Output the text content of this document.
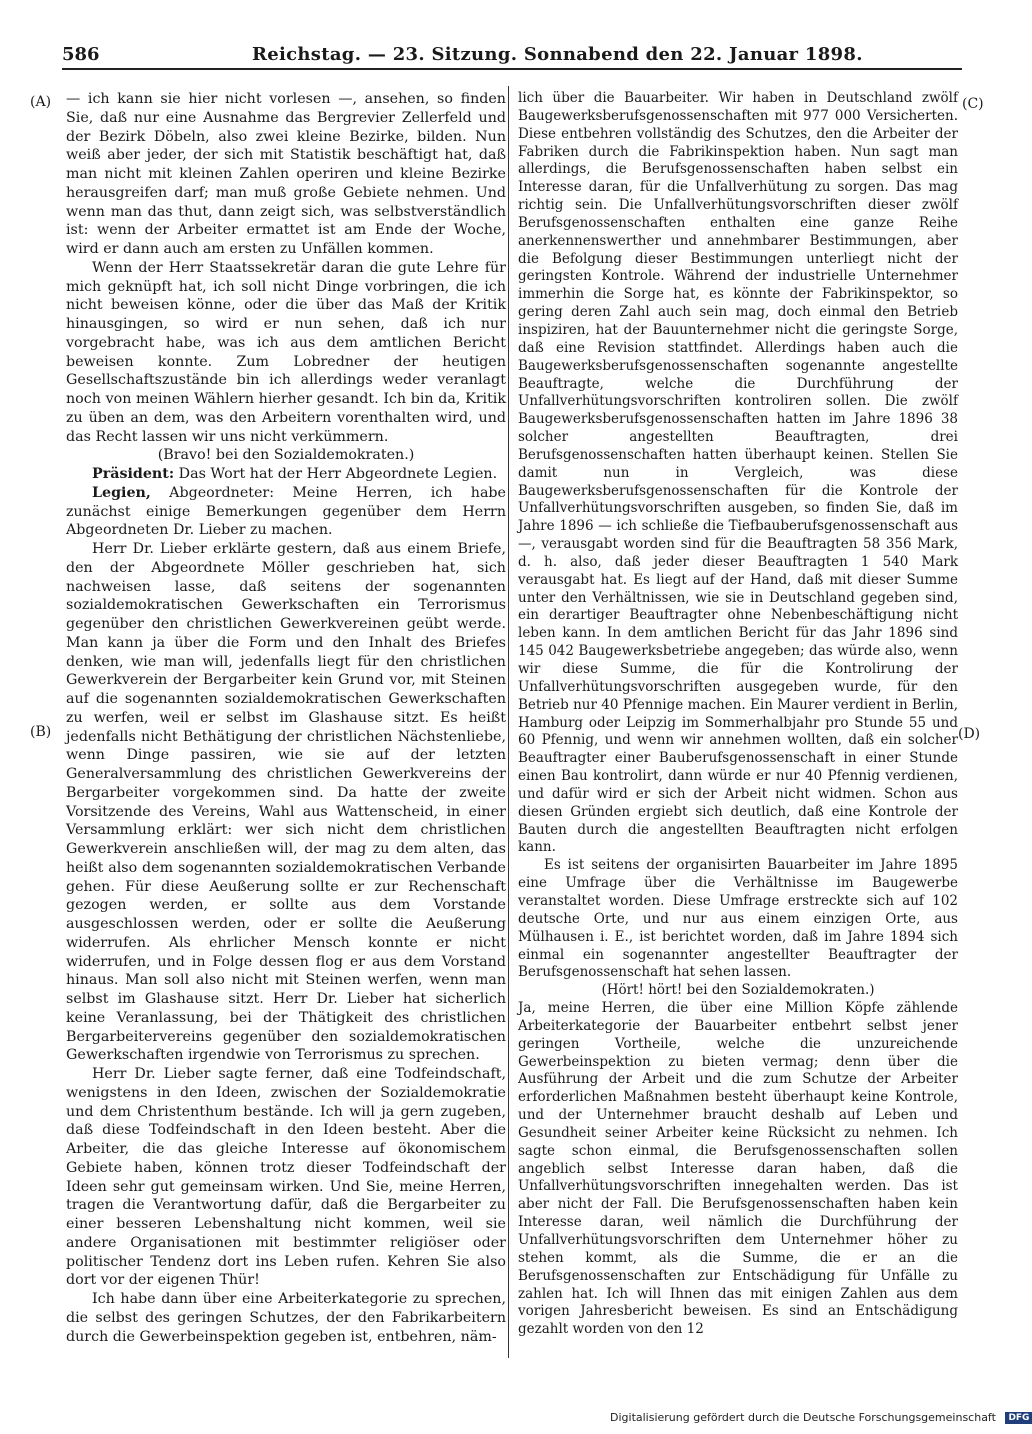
586	Reichstag. — 23. Sitzung. Sonnabend den 22. Januar 1898.
(A)
(B)
(C)
(D)

— ich kann sie hier nicht vorlesen —, ansehen, so finden Sie, daß nur eine Ausnahme das Bergrevier Zellerfeld und der Bezirk Döbeln, also zwei kleine Bezirke, bilden. Nun weiß aber jeder, der sich mit Statistik beschäftigt hat, daß man nicht mit kleinen Zahlen operiren und kleine Bezirke herausgreifen darf; man muß große Gebiete nehmen. Und wenn man das thut, dann zeigt sich, was selbstverständlich ist: wenn der Arbeiter ermattet ist am Ende der Woche, wird er dann auch am ersten zu Unfällen kommen.

Wenn der Herr Staatssekretär daran die gute Lehre für mich geknüpft hat, ich soll nicht Dinge vorbringen, die ich nicht beweisen könne, oder die über das Maß der Kritik hinausgingen, so wird er nun sehen, daß ich nur vorgebracht habe, was ich aus dem amtlichen Bericht beweisen konnte. Zum Lobredner der heutigen Gesellschaftszustände bin ich allerdings weder veranlagt noch von meinen Wählern hierher gesandt. Ich bin da, Kritik zu üben an dem, was den Arbeitern vorenthalten wird, und das Recht lassen wir uns nicht verkümmern.

(Bravo! bei den Sozialdemokraten.)

Präsident: Das Wort hat der Herr Abgeordnete Legien.

Legien, Abgeordneter: Meine Herren, ich habe zunächst einige Bemerkungen gegenüber dem Herrn Abgeordneten Dr. Lieber zu machen.

Herr Dr. Lieber erklärte gestern, daß aus einem Briefe, den der Abgeordnete Möller geschrieben hat, sich nachweisen lasse, daß seitens der sogenannten sozialdemokratischen Gewerkschaften ein Terrorismus gegenüber den christlichen Gewerkvereinen geübt werde. Man kann ja über die Form und den Inhalt des Briefes denken, wie man will, jedenfalls liegt für den christlichen Gewerkverein der Bergarbeiter kein Grund vor, mit Steinen auf die sogenannten sozialdemokratischen Gewerkschaften zu werfen, weil er selbst im Glashause sitzt. Es heißt jedenfalls nicht Bethätigung der christlichen Nächstenliebe, wenn Dinge passiren, wie sie auf der letzten Generalversammlung des christlichen Gewerkvereins der Bergarbeiter vorgekommen sind. Da hatte der zweite Vorsitzende des Vereins, Wahl aus Wattenscheid, in einer Versammlung erklärt: wer sich nicht dem christlichen Gewerkverein anschließen will, der mag zu dem alten, das heißt also dem sogenannten sozialdemokratischen Verbande gehen. Für diese Aeußerung sollte er zur Rechenschaft gezogen werden, er sollte aus dem Vorstande ausgeschlossen werden, oder er sollte die Aeußerung widerrufen. Als ehrlicher Mensch konnte er nicht widerrufen, und in Folge dessen flog er aus dem Vorstand hinaus. Man soll also nicht mit Steinen werfen, wenn man selbst im Glashause sitzt. Herr Dr. Lieber hat sicherlich keine Veranlassung, bei der Thätigkeit des christlichen Bergarbeitervereins gegenüber den sozialdemokratischen Gewerkschaften irgendwie von Terrorismus zu sprechen.

Herr Dr. Lieber sagte ferner, daß eine Todfeindschaft, wenigstens in den Ideen, zwischen der Sozialdemokratie und dem Christenthum bestände. Ich will ja gern zugeben, daß diese Todfeindschaft in den Ideen besteht. Aber die Arbeiter, die das gleiche Interesse auf ökonomischem Gebiete haben, können trotz dieser Todfeindschaft der Ideen sehr gut gemeinsam wirken. Und Sie, meine Herren, tragen die Verantwortung dafür, daß die Bergarbeiter zu einer besseren Lebenshaltung nicht kommen, weil sie andere Organisationen mit bestimmter religiöser oder politischer Tendenz dort ins Leben rufen. Kehren Sie also dort vor der eigenen Thür!

Ich habe dann über eine Arbeiterkategorie zu sprechen, die selbst des geringen Schutzes, der den Fabrikarbeitern durch die Gewerbeinspektion gegeben ist, entbehren, näm-

lich über die Bauarbeiter. Wir haben in Deutschland zwölf Baugewerksberufsgenossenschaften mit 977 000 Versicherten. Diese entbehren vollständig des Schutzes, den die Arbeiter der Fabriken durch die Fabrikinspektion haben. Nun sagt man allerdings, die Berufsgenossenschaften haben selbst ein Interesse daran, für die Unfallverhütung zu sorgen. Das mag richtig sein. Die Unfallverhütungsvorschriften dieser zwölf Berufsgenossenschaften enthalten eine ganze Reihe anerkennenswerther und annehmbarer Bestimmungen, aber die Befolgung dieser Bestimmungen unterliegt nicht der geringsten Kontrole. Während der industrielle Unternehmer immerhin die Sorge hat, es könnte der Fabrikinspektor, so gering deren Zahl auch sein mag, doch einmal den Betrieb inspiziren, hat der Bauunternehmer nicht die geringste Sorge, daß eine Revision stattfindet. Allerdings haben auch die Baugewerksberufsgenossenschaften sogenannte angestellte Beauftragte, welche die Durchführung der Unfallverhütungsvorschriften kontroliren sollen. Die zwölf Baugewerksberufsgenossenschaften hatten im Jahre 1896 38 solcher angestellten Beauftragten, drei Berufsgenossenschaften hatten überhaupt keinen. Stellen Sie damit nun in Vergleich, was diese Baugewerksberufsgenossenschaften für die Kontrole der Unfallverhütungsvorschriften ausgeben, so finden Sie, daß im Jahre 1896 — ich schließe die Tiefbauberufsgenossenschaft aus —, verausgabt worden sind für die Beauftragten 58 356 Mark, d. h. also, daß jeder dieser Beauftragten 1 540 Mark verausgabt hat. Es liegt auf der Hand, daß mit dieser Summe unter den Verhältnissen, wie sie in Deutschland gegeben sind, ein derartiger Beauftragter ohne Nebenbeschäftigung nicht leben kann. In dem amtlichen Bericht für das Jahr 1896 sind 145 042 Baugewerksbetriebe angegeben; das würde also, wenn wir diese Summe, die für die Kontrolirung der Unfallverhütungsvorschriften ausgegeben wurde, für den Betrieb nur 40 Pfennige machen. Ein Maurer verdient in Berlin, Hamburg oder Leipzig im Sommerhalbjahr pro Stunde 55 und 60 Pfennig, und wenn wir annehmen wollten, daß ein solcher Beauftragter einer Bauberufsgenossenschaft in einer Stunde einen Bau kontrolirt, dann würde er nur 40 Pfennig verdienen, und dafür wird er sich der Arbeit nicht widmen. Schon aus diesen Gründen ergiebt sich deutlich, daß eine Kontrole der Bauten durch die angestellten Beauftragten nicht erfolgen kann.

Es ist seitens der organisirten Bauarbeiter im Jahre 1895 eine Umfrage über die Verhältnisse im Baugewerbe veranstaltet worden. Diese Umfrage erstreckte sich auf 102 deutsche Orte, und nur aus einem einzigen Orte, aus Mülhausen i. E., ist berichtet worden, daß im Jahre 1894 sich einmal ein sogenannter angestellter Beauftragter der Berufsgenossenschaft hat sehen lassen.

(Hört! hört! bei den Sozialdemokraten.)

Ja, meine Herren, die über eine Million Köpfe zählende Arbeiterkategorie der Bauarbeiter entbehrt selbst jener geringen Vortheile, welche die unzureichende Gewerbeinspektion zu bieten vermag; denn über die Ausführung der Arbeit und die zum Schutze der Arbeiter erforderlichen Maßnahmen besteht überhaupt keine Kontrole, und der Unternehmer braucht deshalb auf Leben und Gesundheit seiner Arbeiter keine Rücksicht zu nehmen. Ich sagte schon einmal, die Berufsgenossenschaften sollen angeblich selbst Interesse daran haben, daß die Unfallverhütungsvorschriften innegehalten werden. Das ist aber nicht der Fall. Die Berufsgenossenschaften haben kein Interesse daran, weil nämlich die Durchführung der Unfallverhütungsvorschriften dem Unternehmer höher zu stehen kommt, als die Summe, die er an die Berufsgenossenschaften zur Entschädigung für Unfälle zu zahlen hat. Ich will Ihnen das mit einigen Zahlen aus dem vorigen Jahresbericht beweisen. Es sind an Entschädigung gezahlt worden von den 12

Digitalisierung gefördert durch die Deutsche Forschungsgemeinschaft DFG
